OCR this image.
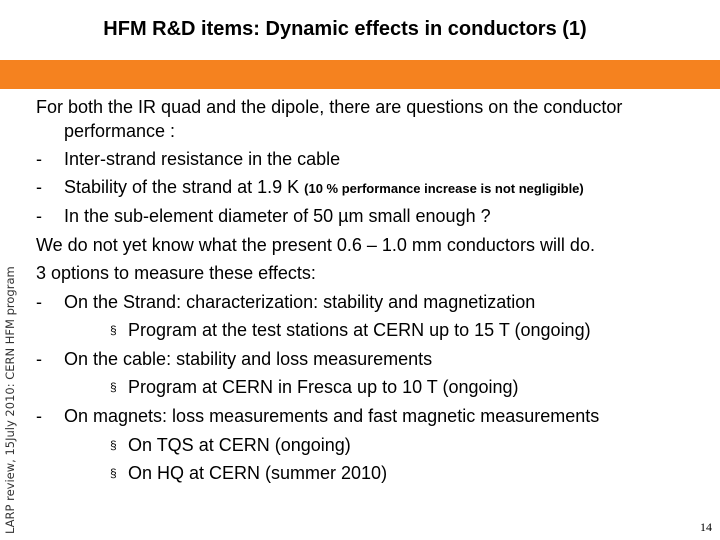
HFM R&D items: Dynamic effects in conductors (1)
LARP review, 15July 2010: CERN HFM program
For both the IR quad and the dipole, there are questions on the conductor
performance :
- Inter-strand resistance in the cable
- Stability of the strand at 1.9 K (10 % performance increase is not negligible)
- In the sub-element diameter of 50 µm small enough ?
We do not yet know what the present 0.6 – 1.0 mm conductors will do.
3 options to measure these effects:
- On the Strand: characterization: stability and magnetization
§ Program at the test stations at CERN up to 15 T (ongoing)
- On the cable: stability and loss measurements
§ Program at CERN in Fresca up to 10 T (ongoing)
- On magnets: loss measurements and fast magnetic measurements
§ On TQS at CERN (ongoing)
§ On HQ at CERN (summer 2010)
14
